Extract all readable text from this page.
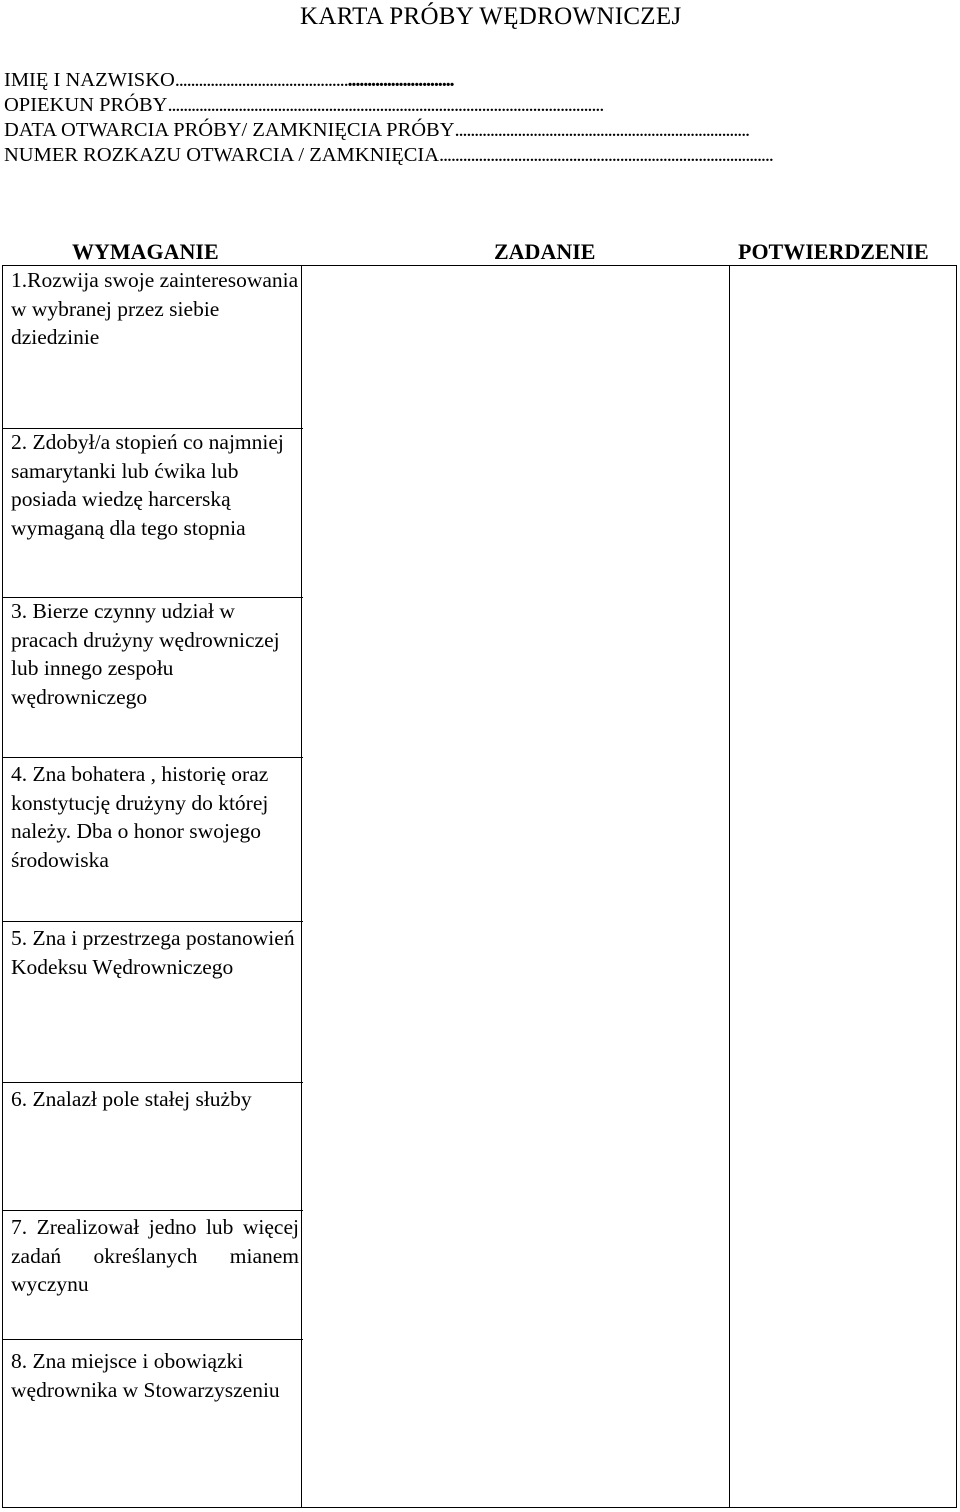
KARTA PRÓBY WĘDROWNICZEJ
IMIĘ I NAZWISKO.......................................................................
OPIEKUN PRÓBY...............................................................................................................
DATA OTWARCIA PRÓBY/ ZAMKNIĘCIA PRÓBY...........................................................................
NUMER ROZKAZU OTWARCIA / ZAMKNIĘCIA.....................................................................................
WYMAGANIE	ZADANIE	POTWIERDZENIE

1.Rozwija swoje zainteresowania w wybranej przez siebie dziedzinie

2. Zdobył/a stopień co najmniej samarytanki lub ćwika lub posiada wiedzę harcerską wymaganą dla tego stopnia

3. Bierze czynny udział w pracach drużyny wędrowniczej lub innego zespołu wędrowniczego

4. Zna bohatera , historię oraz konstytucję drużyny do której należy. Dba o honor swojego środowiska

5. Zna i przestrzega postanowień Kodeksu Wędrowniczego

6. Znalazł pole stałej służby

7. Zrealizował jedno lub więcej zadań określanych mianem wyczynu

8. Zna miejsce i obowiązki wędrownika w Stowarzyszeniu
